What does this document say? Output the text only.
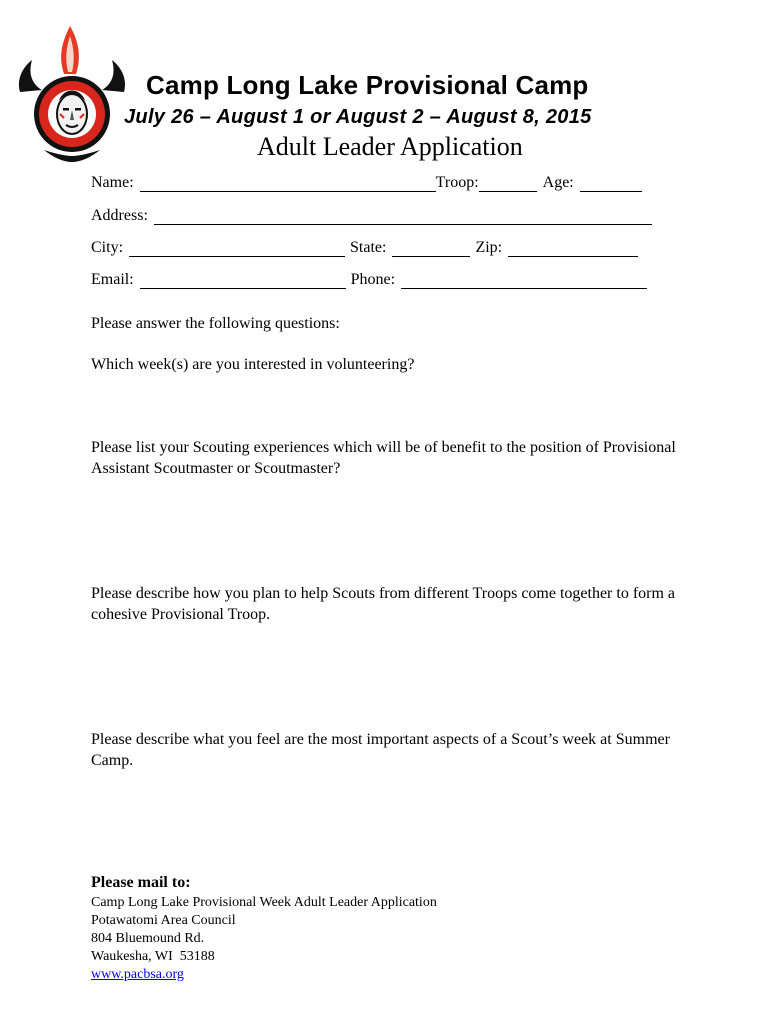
Camp Long Lake Provisional Camp
July 26 – August 1 or August 2 – August 8, 2015
Adult Leader Application
Name:	Troop:	Age:
Address:
City:	State:	Zip:
Email:	Phone:
Please answer the following questions:
Which week(s) are you interested in volunteering?
Please list your Scouting experiences which will be of benefit to the position of Provisional Assistant Scoutmaster or Scoutmaster?
Please describe how you plan to help Scouts from different Troops come together to form a cohesive Provisional Troop.
Please describe what you feel are the most important aspects of a Scout’s week at Summer Camp.
Please mail to:
Camp Long Lake Provisional Week Adult Leader Application
Potawatomi Area Council
804 Bluemound Rd.
Waukesha, WI  53188
www.pacbsa.org
